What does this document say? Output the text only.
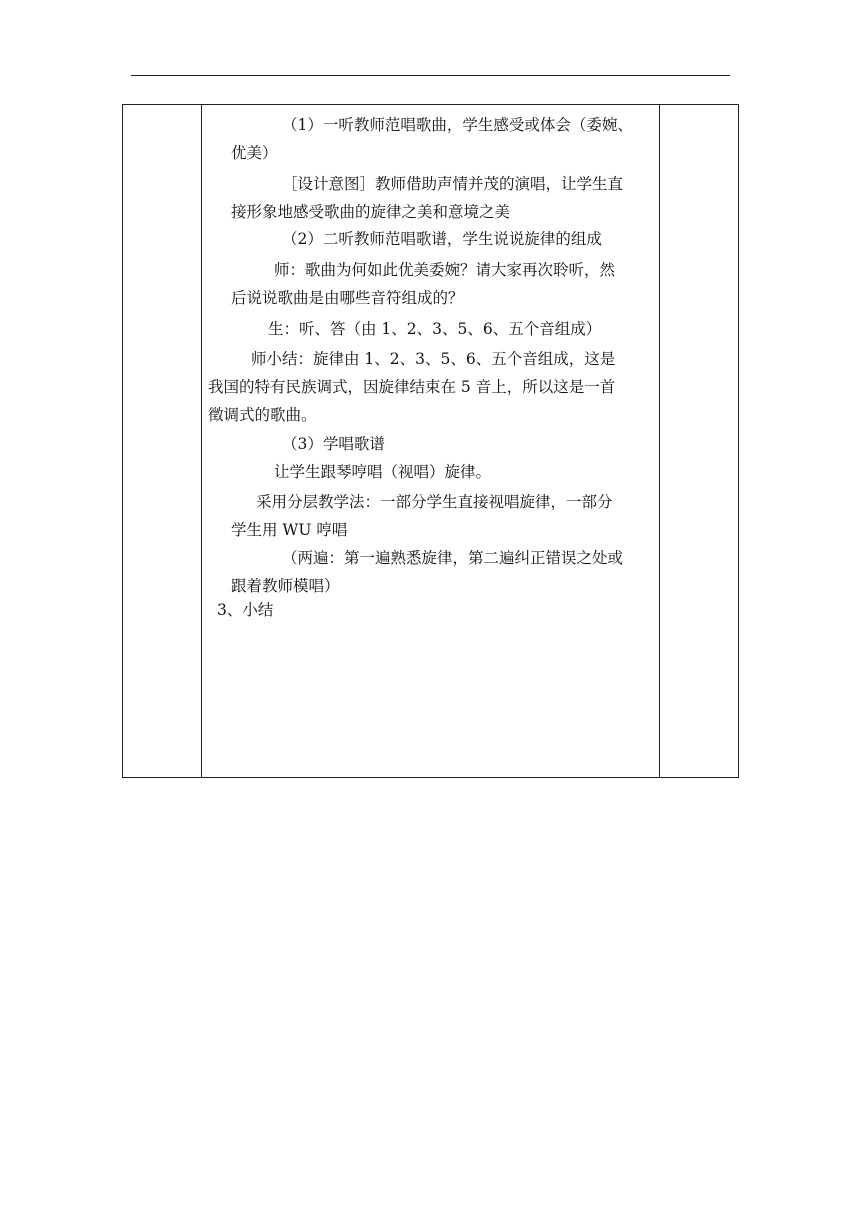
（1）一听教师范唱歌曲，学生感受或体会（委婉、

优美）

［设计意图］教师借助声情并茂的演唱，让学生直

接形象地感受歌曲的旋律之美和意境之美

（2）二听教师范唱歌谱，学生说说旋律的组成

师：歌曲为何如此优美委婉？请大家再次聆听，然

后说说歌曲是由哪些音符组成的？

生：听、答（由 1、2、3、5、6、五个音组成）

师小结：旋律由 1、2、3、5、6、五个音组成，这是

我国的特有民族调式，因旋律结束在 5 音上，所以这是一首

徵调式的歌曲。

（3）学唱歌谱

让学生跟琴哼唱（视唱）旋律。

采用分层教学法：一部分学生直接视唱旋律，一部分

学生用 WU 哼唱

（两遍：第一遍熟悉旋律，第二遍纠正错误之处或

跟着教师模唱）

3、小结
